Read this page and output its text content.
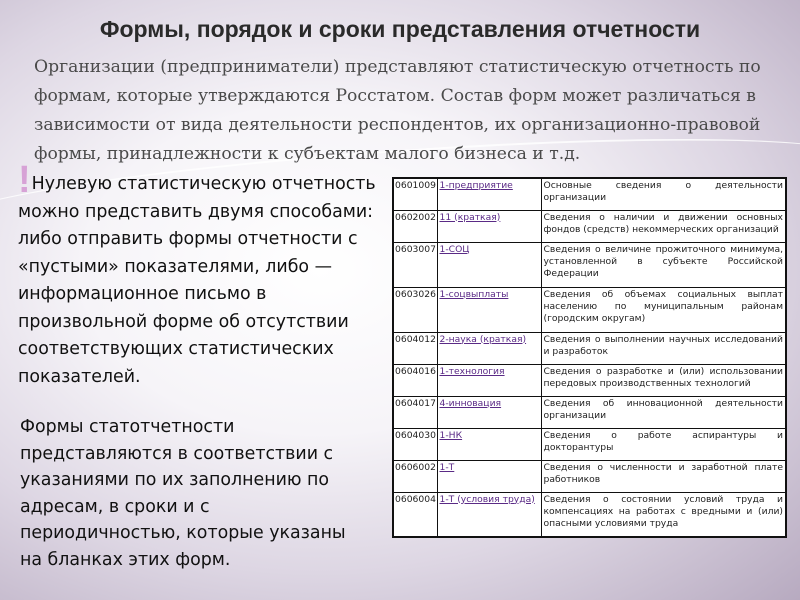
Формы, порядок и сроки представления отчетности
Организации (предприниматели) представляют статистическую отчетность по формам, которые утверждаются Росстатом. Состав форм может различаться в зависимости от вида деятельности респондентов, их организационно-правовой формы, принадлежности к субъектам малого бизнеса и т.д.
!Нулевую статистическую отчетность можно представить двумя способами: либо отправить формы отчетности с «пустыми» показателями, либо — информационное письмо в произвольной форме об отсутствии соответствующих статистических показателей.
Формы статотчетности представляются в соответствии с указаниями по их заполнению по адресам, в сроки и с периодичностью, которые указаны на бланках этих форм.
0601009	1-предприятие	Основные сведения о деятельности организации
0602002	11 (краткая)	Сведения о наличии и движении основных фондов (средств) некоммерческих организаций
0603007	1-СОЦ	Сведения о величине прожиточного минимума, установленной в субъекте Российской Федерации
0603026	1-соцвыплаты	Сведения об объемах социальных выплат населению по муниципальным районам (городским округам)
0604012	2-наука (краткая)	Сведения о выполнении научных исследований и разработок
0604016	1-технология	Сведения о разработке и (или) использовании передовых производственных технологий
0604017	4-инновация	Сведения об инновационной деятельности организации
0604030	1-НК	Сведения о работе аспирантуры и докторантуры
0606002	1-Т	Сведения о численности и заработной плате работников
0606004	1-Т (условия труда)	Сведения о состоянии условий труда и компенсациях на работах с вредными и (или) опасными условиями труда
